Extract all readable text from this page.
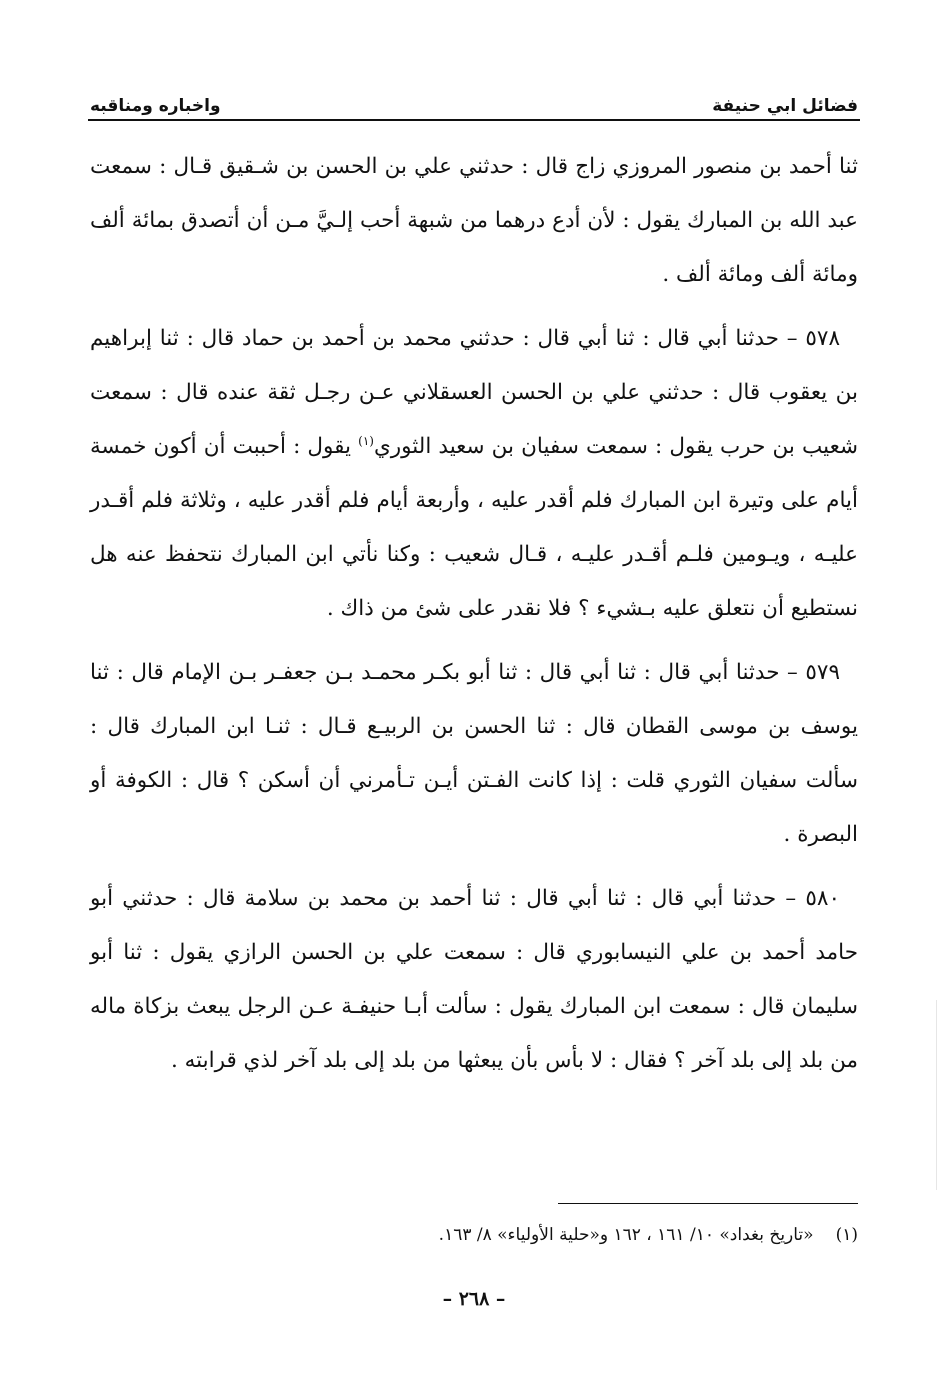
فضائل ابي حنيفة
واخباره ومناقبه

ثنا أحمد بن منصور المروزي زاج قال : حدثني علي بن الحسن بن شـقيق قـال : سمعت عبد الله بن المبارك يقول : لأن أدع درهما من شبهة أحب إلـيَّ مـن أن أتصدق بمائة ألف ومائة ألف ومائة ألف .

٥٧٨ – حدثنا أبي قال : ثنا أبي قال : حدثني محمد بن أحمد بن حماد قال : ثنا إبراهيم بن يعقوب قال : حدثني علي بن الحسن العسقلاني عـن رجـل ثقة عنده قال : سمعت شعيب بن حرب يقول : سمعت سفيان بن سعيد الثوري$^{(١)}$ يقول : أحببت أن أكون خمسة أيام على وتيرة ابن المبارك فلم أقدر عليه ، وأربعة أيام فلم أقدر عليه ، وثلاثة فلم أقـدر عليـه ، ويـومين فلـم أقـدر عليـه ، قـال شعيب : وكنا نأتي ابن المبارك نتحفظ عنه هل نستطيع أن نتعلق عليه بـشيء ؟ فلا نقدر على شئ من ذاك .

٥٧٩ – حدثنا أبي قال : ثنا أبي قال : ثنا أبو بكـر محمـد بـن جعفـر بـن الإمام قال : ثنا يوسف بن موسى القطان قال : ثنا الحسن بن الربيـع قـال : ثنـا ابن المبارك قال : سألت سفيان الثوري قلت : إذا كانت الفـتن أيـن تـأمرني أن أسكن ؟ قال : الكوفة أو البصرة .

٥٨٠ – حدثنا أبي قال : ثنا أبي قال : ثنا أحمد بن محمد بن سلامة قال : حدثني أبو حامد أحمد بن علي النيسابوري قال : سمعت علي بن الحسن الرازي يقول : ثنا أبو سليمان قال : سمعت ابن المبارك يقول : سألت أبـا حنيفـة عـن الرجل يبعث بزكاة ماله من بلد إلى بلد آخر ؟ فقال : لا بأس بأن يبعثها من بلد إلى بلد آخر لذي قرابته .

(١)«تاريخ بغداد» ١٠/ ١٦١ ، ١٦٢ و«حلية الأولياء» ٨/ ١٦٣.
– ٢٦٨ –
